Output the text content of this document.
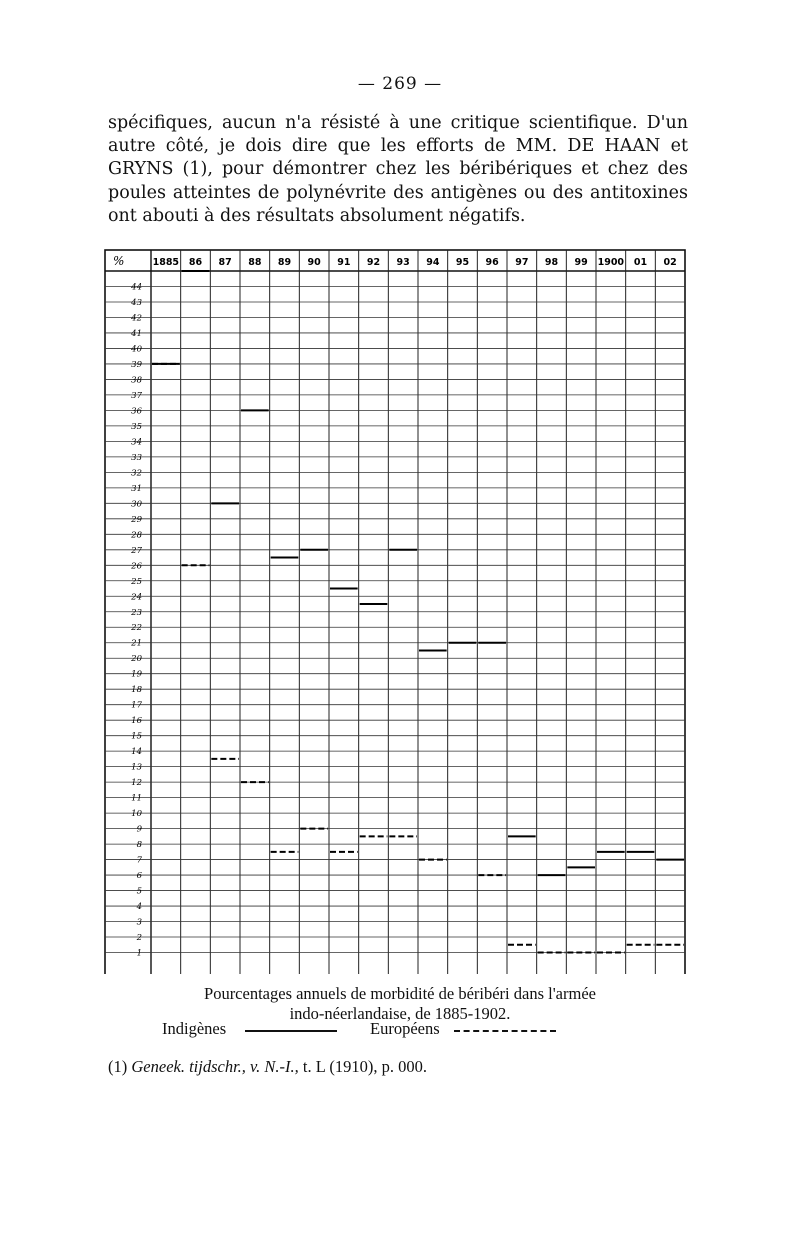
— 269 —

spécifiques, aucun n'a résisté à une critique scientifique. D'un autre côté, je dois dire que les efforts de MM. DE HAAN et GRYNS (1), pour démontrer chez les béribériques et chez des poules atteintes de polynévrite des antigènes ou des antitoxines ont abouti à des résultats absolument négatifs.

%	1885 86 87 88 89 90 91 92 93 94 95 96 97 98 99 1900 01 02
44
43
42
41
40
39
38
37
36
35
34
33
32
31
30
29
28
27
26
25
24
23
22
21
20
19
18
17
16
15
14
13
12
11
10
9
8
7
6
5
4
3
2
1
Pourcentages annuels de morbidité de béribéri dans l'armée
indo-néerlandaise, de 1885-1902.
Indigènes	Européens
(1) Geneek. tijdschr., v. N.-I., t. L (1910), p. 000.
